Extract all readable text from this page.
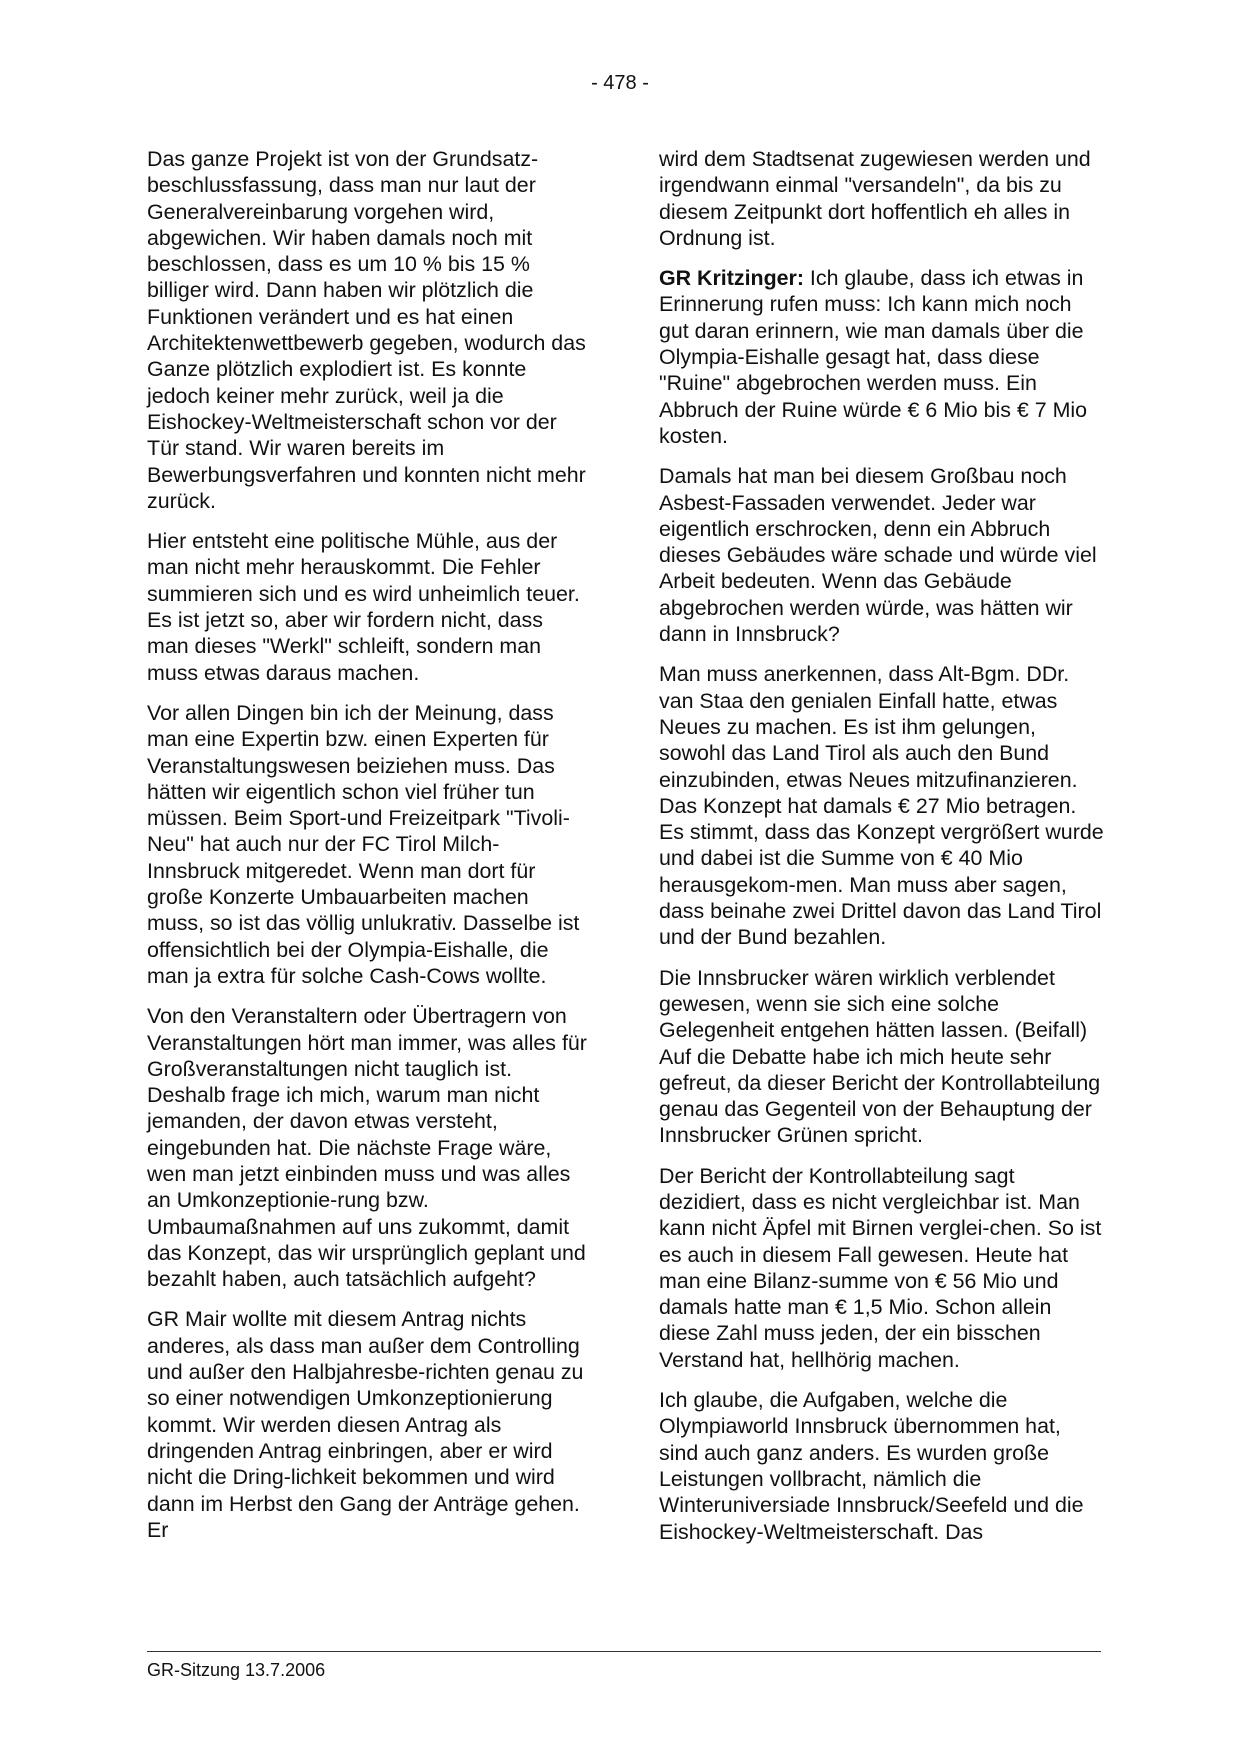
- 478 -

Das ganze Projekt ist von der Grundsatz-beschlussfassung, dass man nur laut der Generalvereinbarung vorgehen wird, abgewichen. Wir haben damals noch mit beschlossen, dass es um 10 % bis 15 % billiger wird. Dann haben wir plötzlich die Funktionen verändert und es hat einen Architektenwettbewerb gegeben, wodurch das Ganze plötzlich explodiert ist. Es konnte jedoch keiner mehr zurück, weil ja die Eishockey-Weltmeisterschaft schon vor der Tür stand. Wir waren bereits im Bewerbungsverfahren und konnten nicht mehr zurück.

Hier entsteht eine politische Mühle, aus der man nicht mehr herauskommt. Die Fehler summieren sich und es wird unheimlich teuer. Es ist jetzt so, aber wir fordern nicht, dass man dieses "Werkl" schleift, sondern man muss etwas daraus machen.

Vor allen Dingen bin ich der Meinung, dass man eine Expertin bzw. einen Experten für Veranstaltungswesen beiziehen muss. Das hätten wir eigentlich schon viel früher tun müssen. Beim Sport-und Freizeitpark "Tivoli-Neu" hat auch nur der FC Tirol Milch-Innsbruck mitgeredet. Wenn man dort für große Konzerte Umbauarbeiten machen muss, so ist das völlig unlukrativ. Dasselbe ist offensichtlich bei der Olympia-Eishalle, die man ja extra für solche Cash-Cows wollte.

Von den Veranstaltern oder Übertragern von Veranstaltungen hört man immer, was alles für Großveranstaltungen nicht tauglich ist. Deshalb frage ich mich, warum man nicht jemanden, der davon etwas versteht, eingebunden hat. Die nächste Frage wäre, wen man jetzt einbinden muss und was alles an Umkonzeptionie-rung bzw. Umbaumaßnahmen auf uns zukommt, damit das Konzept, das wir ursprünglich geplant und bezahlt haben, auch tatsächlich aufgeht?

GR Mair wollte mit diesem Antrag nichts anderes, als dass man außer dem Controlling und außer den Halbjahresbe-richten genau zu so einer notwendigen Umkonzeptionierung kommt. Wir werden diesen Antrag als dringenden Antrag einbringen, aber er wird nicht die Dring-lichkeit bekommen und wird dann im Herbst den Gang der Anträge gehen. Er

wird dem Stadtsenat zugewiesen werden und irgendwann einmal "versandeln", da bis zu diesem Zeitpunkt dort hoffentlich eh alles in Ordnung ist.

GR Kritzinger: Ich glaube, dass ich etwas in Erinnerung rufen muss: Ich kann mich noch gut daran erinnern, wie man damals über die Olympia-Eishalle gesagt hat, dass diese "Ruine" abgebrochen werden muss. Ein Abbruch der Ruine würde € 6 Mio bis € 7 Mio kosten.

Damals hat man bei diesem Großbau noch Asbest-Fassaden verwendet. Jeder war eigentlich erschrocken, denn ein Abbruch dieses Gebäudes wäre schade und würde viel Arbeit bedeuten. Wenn das Gebäude abgebrochen werden würde, was hätten wir dann in Innsbruck?

Man muss anerkennen, dass Alt-Bgm. DDr. van Staa den genialen Einfall hatte, etwas Neues zu machen. Es ist ihm gelungen, sowohl das Land Tirol als auch den Bund einzubinden, etwas Neues mitzufinanzieren. Das Konzept hat damals € 27 Mio betragen. Es stimmt, dass das Konzept vergrößert wurde und dabei ist die Summe von € 40 Mio herausgekom-men. Man muss aber sagen, dass beinahe zwei Drittel davon das Land Tirol und der Bund bezahlen.

Die Innsbrucker wären wirklich verblendet gewesen, wenn sie sich eine solche Gelegenheit entgehen hätten lassen. (Beifall) Auf die Debatte habe ich mich heute sehr gefreut, da dieser Bericht der Kontrollabteilung genau das Gegenteil von der Behauptung der Innsbrucker Grünen spricht.

Der Bericht der Kontrollabteilung sagt dezidiert, dass es nicht vergleichbar ist. Man kann nicht Äpfel mit Birnen verglei-chen. So ist es auch in diesem Fall gewesen. Heute hat man eine Bilanz-summe von € 56 Mio und damals hatte man € 1,5 Mio. Schon allein diese Zahl muss jeden, der ein bisschen Verstand hat, hellhörig machen.

Ich glaube, die Aufgaben, welche die Olympiaworld Innsbruck übernommen hat, sind auch ganz anders. Es wurden große Leistungen vollbracht, nämlich die Winteruniversiade Innsbruck/Seefeld und die Eishockey-Weltmeisterschaft. Das

GR-Sitzung 13.7.2006
